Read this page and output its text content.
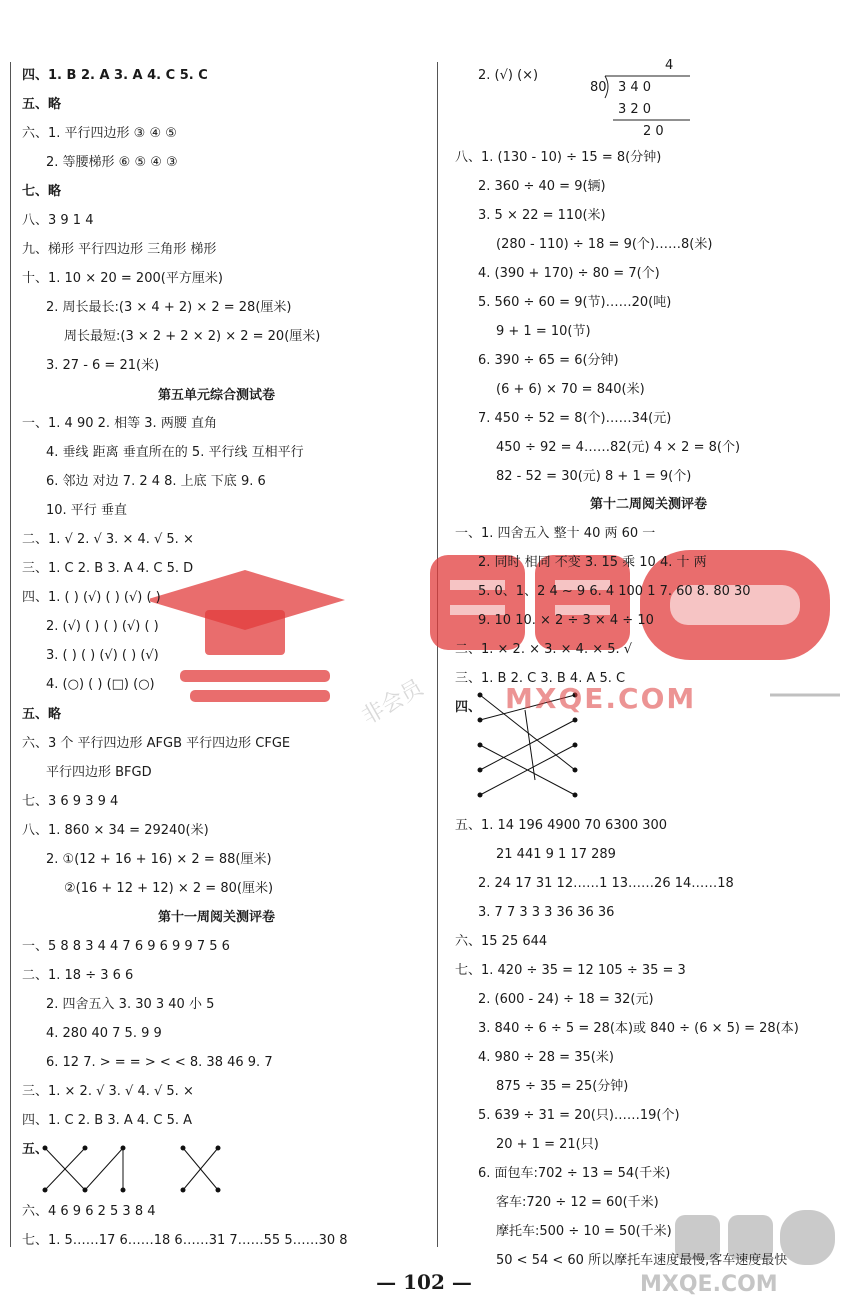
4
80 3 4 0
3 2 0
2 0
MXQE.COM
非会员
MXQE.COM
— 102 —
四、1. B 2. A 3. A 4. C 5. C
五、略
六、1. 平行四边形 ③ ④ ⑤
2. 等腰梯形 ⑥ ⑤ ④ ③
七、略
八、3 9 1 4
九、梯形 平行四边形 三角形 梯形
十、1. 10 × 20 = 200(平方厘米)
2. 周长最长:(3 × 4 + 2) × 2 = 28(厘米)
周长最短:(3 × 2 + 2 × 2) × 2 = 20(厘米)
3. 27 - 6 = 21(米)
第五单元综合测试卷
一、1. 4 90 2. 相等 3. 两腰 直角
4. 垂线 距离 垂直所在的 5. 平行线 互相平行
6. 邻边 对边 7. 2 4 8. 上底 下底 9. 6
10. 平行 垂直
二、1. √ 2. √ 3. × 4. √ 5. ×
三、1. C 2. B 3. A 4. C 5. D
四、1. ( ) (√) ( ) (√) ( )
2. (√) ( ) ( ) (√) ( )
3. ( ) ( ) (√) ( ) (√)
4. (○) ( ) (□) (○)
五、略
六、3 个 平行四边形 AFGB 平行四边形 CFGE
平行四边形 BFGD
七、3 6 9 3 9 4
八、1. 860 × 34 = 29240(米)
2. ①(12 + 16 + 16) × 2 = 88(厘米)
②(16 + 12 + 12) × 2 = 80(厘米)
第十一周阅关测评卷
一、5 8 8 3 4 4 7 6 9 6 9 9 7 5 6
二、1. 18 ÷ 3 6 6
2. 四舍五入 3. 30 3 40 小 5
4. 280 40 7 5. 9 9
6. 12 7. > = = > < < 8. 38 46 9. 7
三、1. × 2. √ 3. √ 4. √ 5. ×
四、1. C 2. B 3. A 4. C 5. A
五、
六、4 6 9 6 2 5 3 8 4
七、1. 5……17 6……18 6……31 7……55 5……30 8
2. (√) (×)
八、1. (130 - 10) ÷ 15 = 8(分钟)
2. 360 ÷ 40 = 9(辆)
3. 5 × 22 = 110(米)
(280 - 110) ÷ 18 = 9(个)……8(米)
4. (390 + 170) ÷ 80 = 7(个)
5. 560 ÷ 60 = 9(节)……20(吨)
9 + 1 = 10(节)
6. 390 ÷ 65 = 6(分钟)
(6 + 6) × 70 = 840(米)
7. 450 ÷ 52 = 8(个)……34(元)
450 ÷ 92 = 4……82(元) 4 × 2 = 8(个)
82 - 52 = 30(元) 8 + 1 = 9(个)
第十二周阅关测评卷
一、1. 四舍五入 整十 40 两 60 一
2. 同时 相同 不变 3. 15 乘 10 4. 十 两
5. 0、1、2 4 ~ 9 6. 4 100 1 7. 60 8. 80 30
9. 10 10. × 2 ÷ 3 × 4 ÷ 10
二、1. × 2. × 3. × 4. × 5. √
三、1. B 2. C 3. B 4. A 5. C
四、
五、1. 14 196 4900 70 6300 300
21 441 9 1 17 289
2. 24 17 31 12……1 13……26 14……18
3. 7 7 3 3 3 36 36 36
六、15 25 644
七、1. 420 ÷ 35 = 12 105 ÷ 35 = 3
2. (600 - 24) ÷ 18 = 32(元)
3. 840 ÷ 6 ÷ 5 = 28(本)或 840 ÷ (6 × 5) = 28(本)
4. 980 ÷ 28 = 35(米)
875 ÷ 35 = 25(分钟)
5. 639 ÷ 31 = 20(只)……19(个)
20 + 1 = 21(只)
6. 面包车:702 ÷ 13 = 54(千米)
客车:720 ÷ 12 = 60(千米)
摩托车:500 ÷ 10 = 50(千米)
50 < 54 < 60 所以摩托车速度最慢,客车速度最快
